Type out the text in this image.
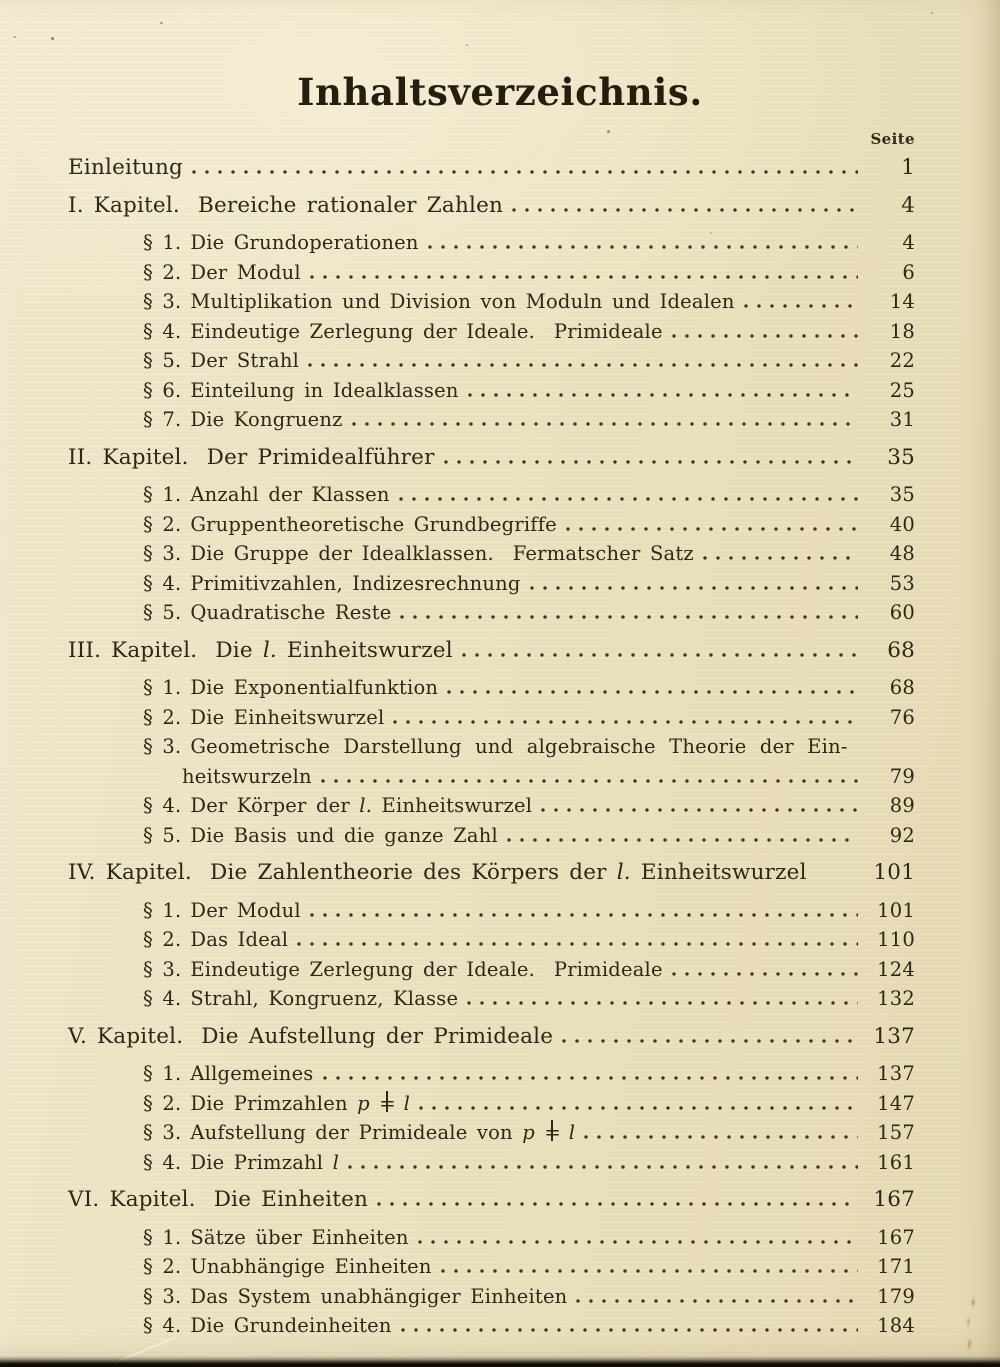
Inhaltsverzeichnis.
Seite
Einleitung	1
I. Kapitel. Bereiche rationaler Zahlen	4
§ 1. Die Grundoperationen	4
§ 2. Der Modul	6
§ 3. Multiplikation und Division von Moduln und Idealen	14
§ 4. Eindeutige Zerlegung der Ideale. Primideale	18
§ 5. Der Strahl	22
§ 6. Einteilung in Idealklassen	25
§ 7. Die Kongruenz	31
II. Kapitel. Der Primidealführer	35
§ 1. Anzahl der Klassen	35
§ 2. Gruppentheoretische Grundbegriffe	40
§ 3. Die Gruppe der Idealklassen. Fermatscher Satz	48
§ 4. Primitivzahlen, Indizesrechnung	53
§ 5. Quadratische Reste	60
III. Kapitel. Die l. Einheitswurzel	68
§ 1. Die Exponentialfunktion	68
§ 2. Die Einheitswurzel	76
§ 3. Geometrische Darstellung und algebraische Theorie der Ein-
heitswurzeln	79
§ 4. Der Körper der l. Einheitswurzel	89
§ 5. Die Basis und die ganze Zahl	92
IV. Kapitel. Die Zahlentheorie des Körpers der l. Einheitswurzel	101
§ 1. Der Modul	101
§ 2. Das Ideal	110
§ 3. Eindeutige Zerlegung der Ideale. Primideale	124
§ 4. Strahl, Kongruenz, Klasse	132
V. Kapitel. Die Aufstellung der Primideale	137
§ 1. Allgemeines	137
§ 2. Die Primzahlen p = l	147
§ 3. Aufstellung der Primideale von p = l	157
§ 4. Die Primzahl l	161
VI. Kapitel. Die Einheiten	167
§ 1. Sätze über Einheiten	167
§ 2. Unabhängige Einheiten	171
§ 3. Das System unabhängiger Einheiten	179
§ 4. Die Grundeinheiten	184
